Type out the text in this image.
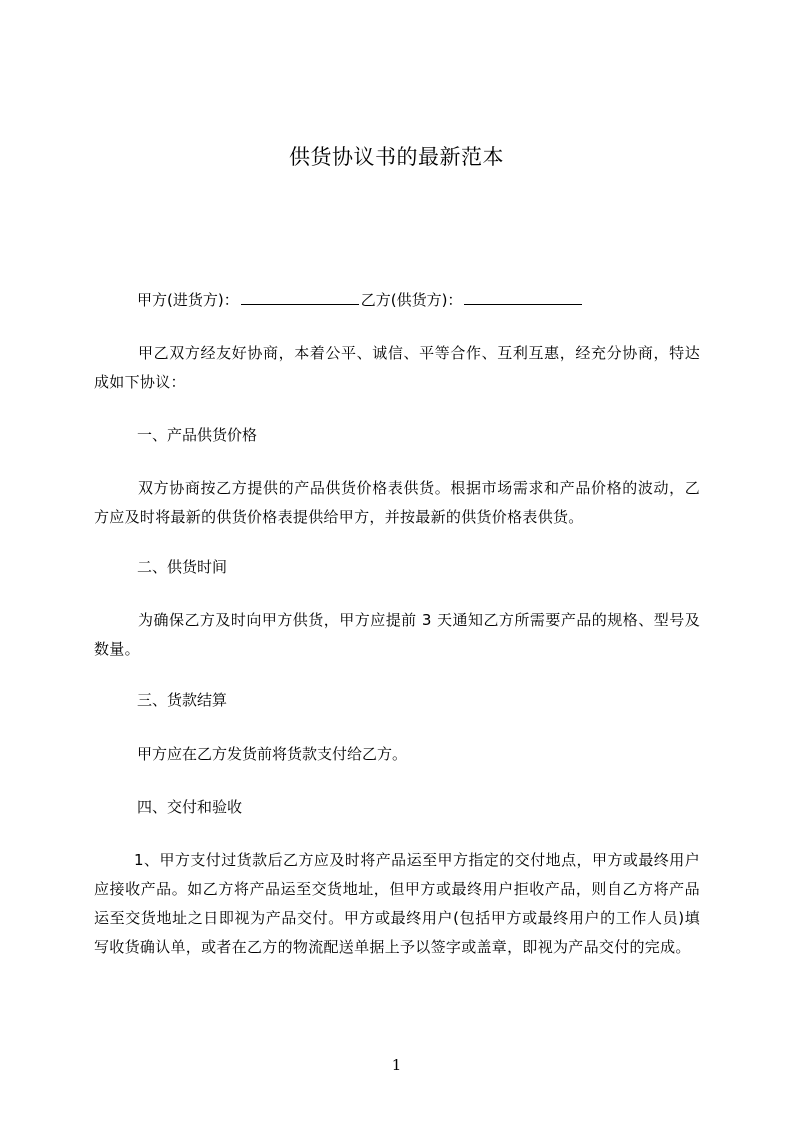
供货协议书的最新范本
甲方(进货方)：	乙方(供货方)：
甲乙双方经友好协商，本着公平、诚信、平等合作、互利互惠，经充分协商，特达成如下协议：
一、产品供货价格
双方协商按乙方提供的产品供货价格表供货。根据市场需求和产品价格的波动，乙方应及时将最新的供货价格表提供给甲方，并按最新的供货价格表供货。
二、供货时间
为确保乙方及时向甲方供货，甲方应提前 3 天通知乙方所需要产品的规格、型号及数量。
三、货款结算
甲方应在乙方发货前将货款支付给乙方。
四、交付和验收
1、甲方支付过货款后乙方应及时将产品运至甲方指定的交付地点，甲方或最终用户应接收产品。如乙方将产品运至交货地址，但甲方或最终用户拒收产品，则自乙方将产品运至交货地址之日即视为产品交付。甲方或最终用户(包括甲方或最终用户的工作人员)填写收货确认单，或者在乙方的物流配送单据上予以签字或盖章，即视为产品交付的完成。
1
